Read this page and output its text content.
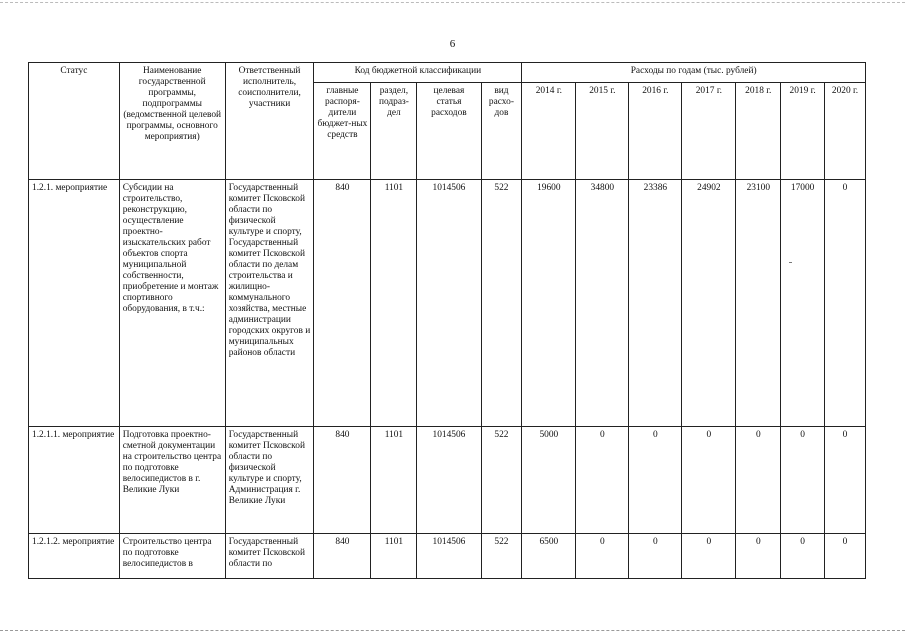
6
Статус	Наименование государственной программы, подпрограммы (ведомственной целевой программы, основного мероприятия)	Ответственный исполнитель, соисполнители, участники	Код бюджетной классификации				Расходы по годам (тыс. рублей)						
			главные распоря-дители бюджет-ных средств	раздел, подраз-дел	целевая статья расходов	вид расхо-дов	2014 г.	2015 г.	2016 г.	2017 г.	2018 г.	2019 г.	2020 г.
1.2.1. мероприятие	Субсидии на строительство, реконструкцию, осуществление проектно-изыскательских работ объектов спорта муниципальной собственности, приобретение и монтаж спортивного оборудования, в т.ч.:	Государственный комитет Псковской области по физической культуре и спорту, Государственный комитет Псковской области по делам строительства и жилищно-коммунального хозяйства, местные администрации городских округов и муниципальных районов области	840	1101	1014506	522	19600	34800	23386	24902	23100	17000	0
1.2.1.1. мероприятие	Подготовка проектно-сметной документации на строительство центра по подготовке велосипедистов в г. Великие Луки	Государственный комитет Псковской области по физической культуре и спорту, Администрация г. Великие Луки	840	1101	1014506	522	5000	0	0	0	0	0	0
1.2.1.2. мероприятие	Строительство центра по подготовке велосипедистов в	Государственный комитет Псковской области по	840	1101	1014506	522	6500	0	0	0	0	0	0
